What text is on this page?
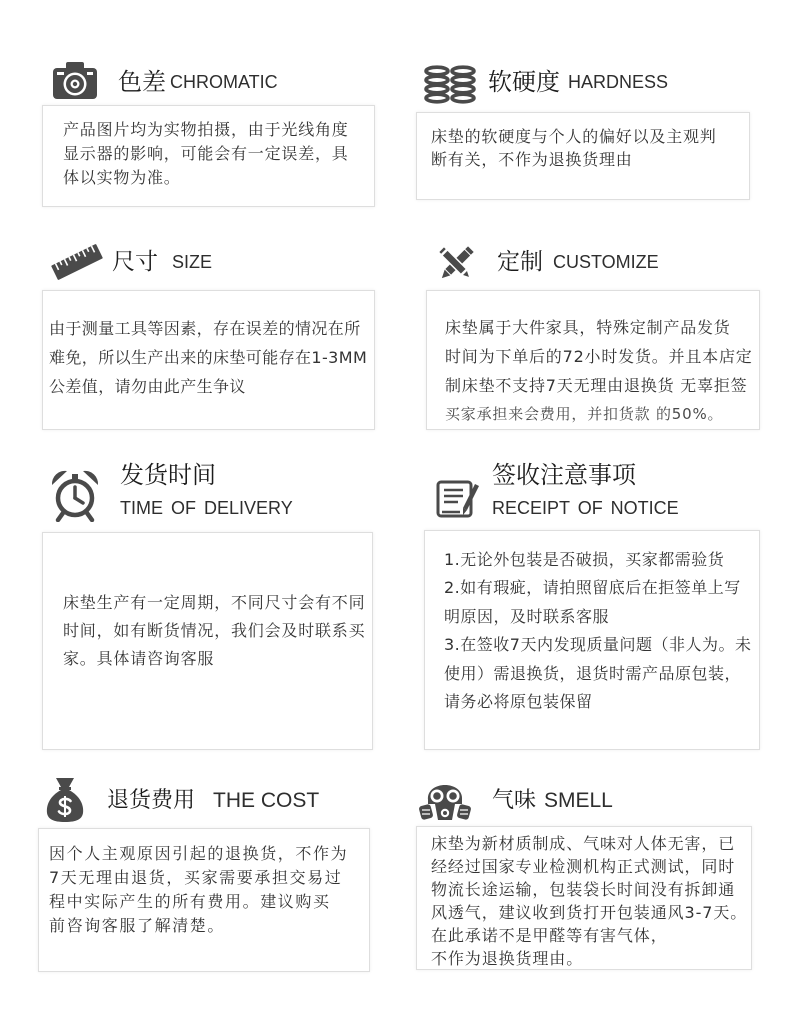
色差 CHROMATIC
产品图片均为实物拍摄，由于光线角度
显示器的影响，可能会有一定误差，具
体以实物为准。
软硬度 HARDNESS
床垫的软硬度与个人的偏好以及主观判
断有关，不作为退换货理由
尺寸 SIZE
由于测量工具等因素，存在误差的情况在所
难免，所以生产出来的床垫可能存在1-3MM
公差值，请勿由此产生争议
定制 CUSTOMIZE
床垫属于大件家具，特殊定制产品发货
时间为下单后的72小时发货。并且本店定
制床垫不支持7天无理由退换货 无辜拒签
买家承担来会费用，并扣货款 的50%。
发货时间
TIME OF DELIVERY
床垫生产有一定周期，不同尺寸会有不同
时间，如有断货情况，我们会及时联系买
家。具体请咨询客服
签收注意事项
RECEIPT OF NOTICE
1.无论外包装是否破损，买家都需验货
2.如有瑕疵，请拍照留底后在拒签单上写
明原因，及时联系客服
3.在签收7天内发现质量问题（非人为。未
使用）需退换货，退货时需产品原包装，
请务必将原包装保留
退货费用 THE COST
因个人主观原因引起的退换货，不作为
7天无理由退货，买家需要承担交易过
程中实际产生的所有费用。建议购买
前咨询客服了解清楚。
气味 SMELL
床垫为新材质制成、气味对人体无害，已
经经过国家专业检测机构正式测试，同时
物流长途运输，包装袋长时间没有拆卸通
风透气，建议收到货打开包装通风3-7天。
在此承诺不是甲醛等有害气体，
不作为退换货理由。
